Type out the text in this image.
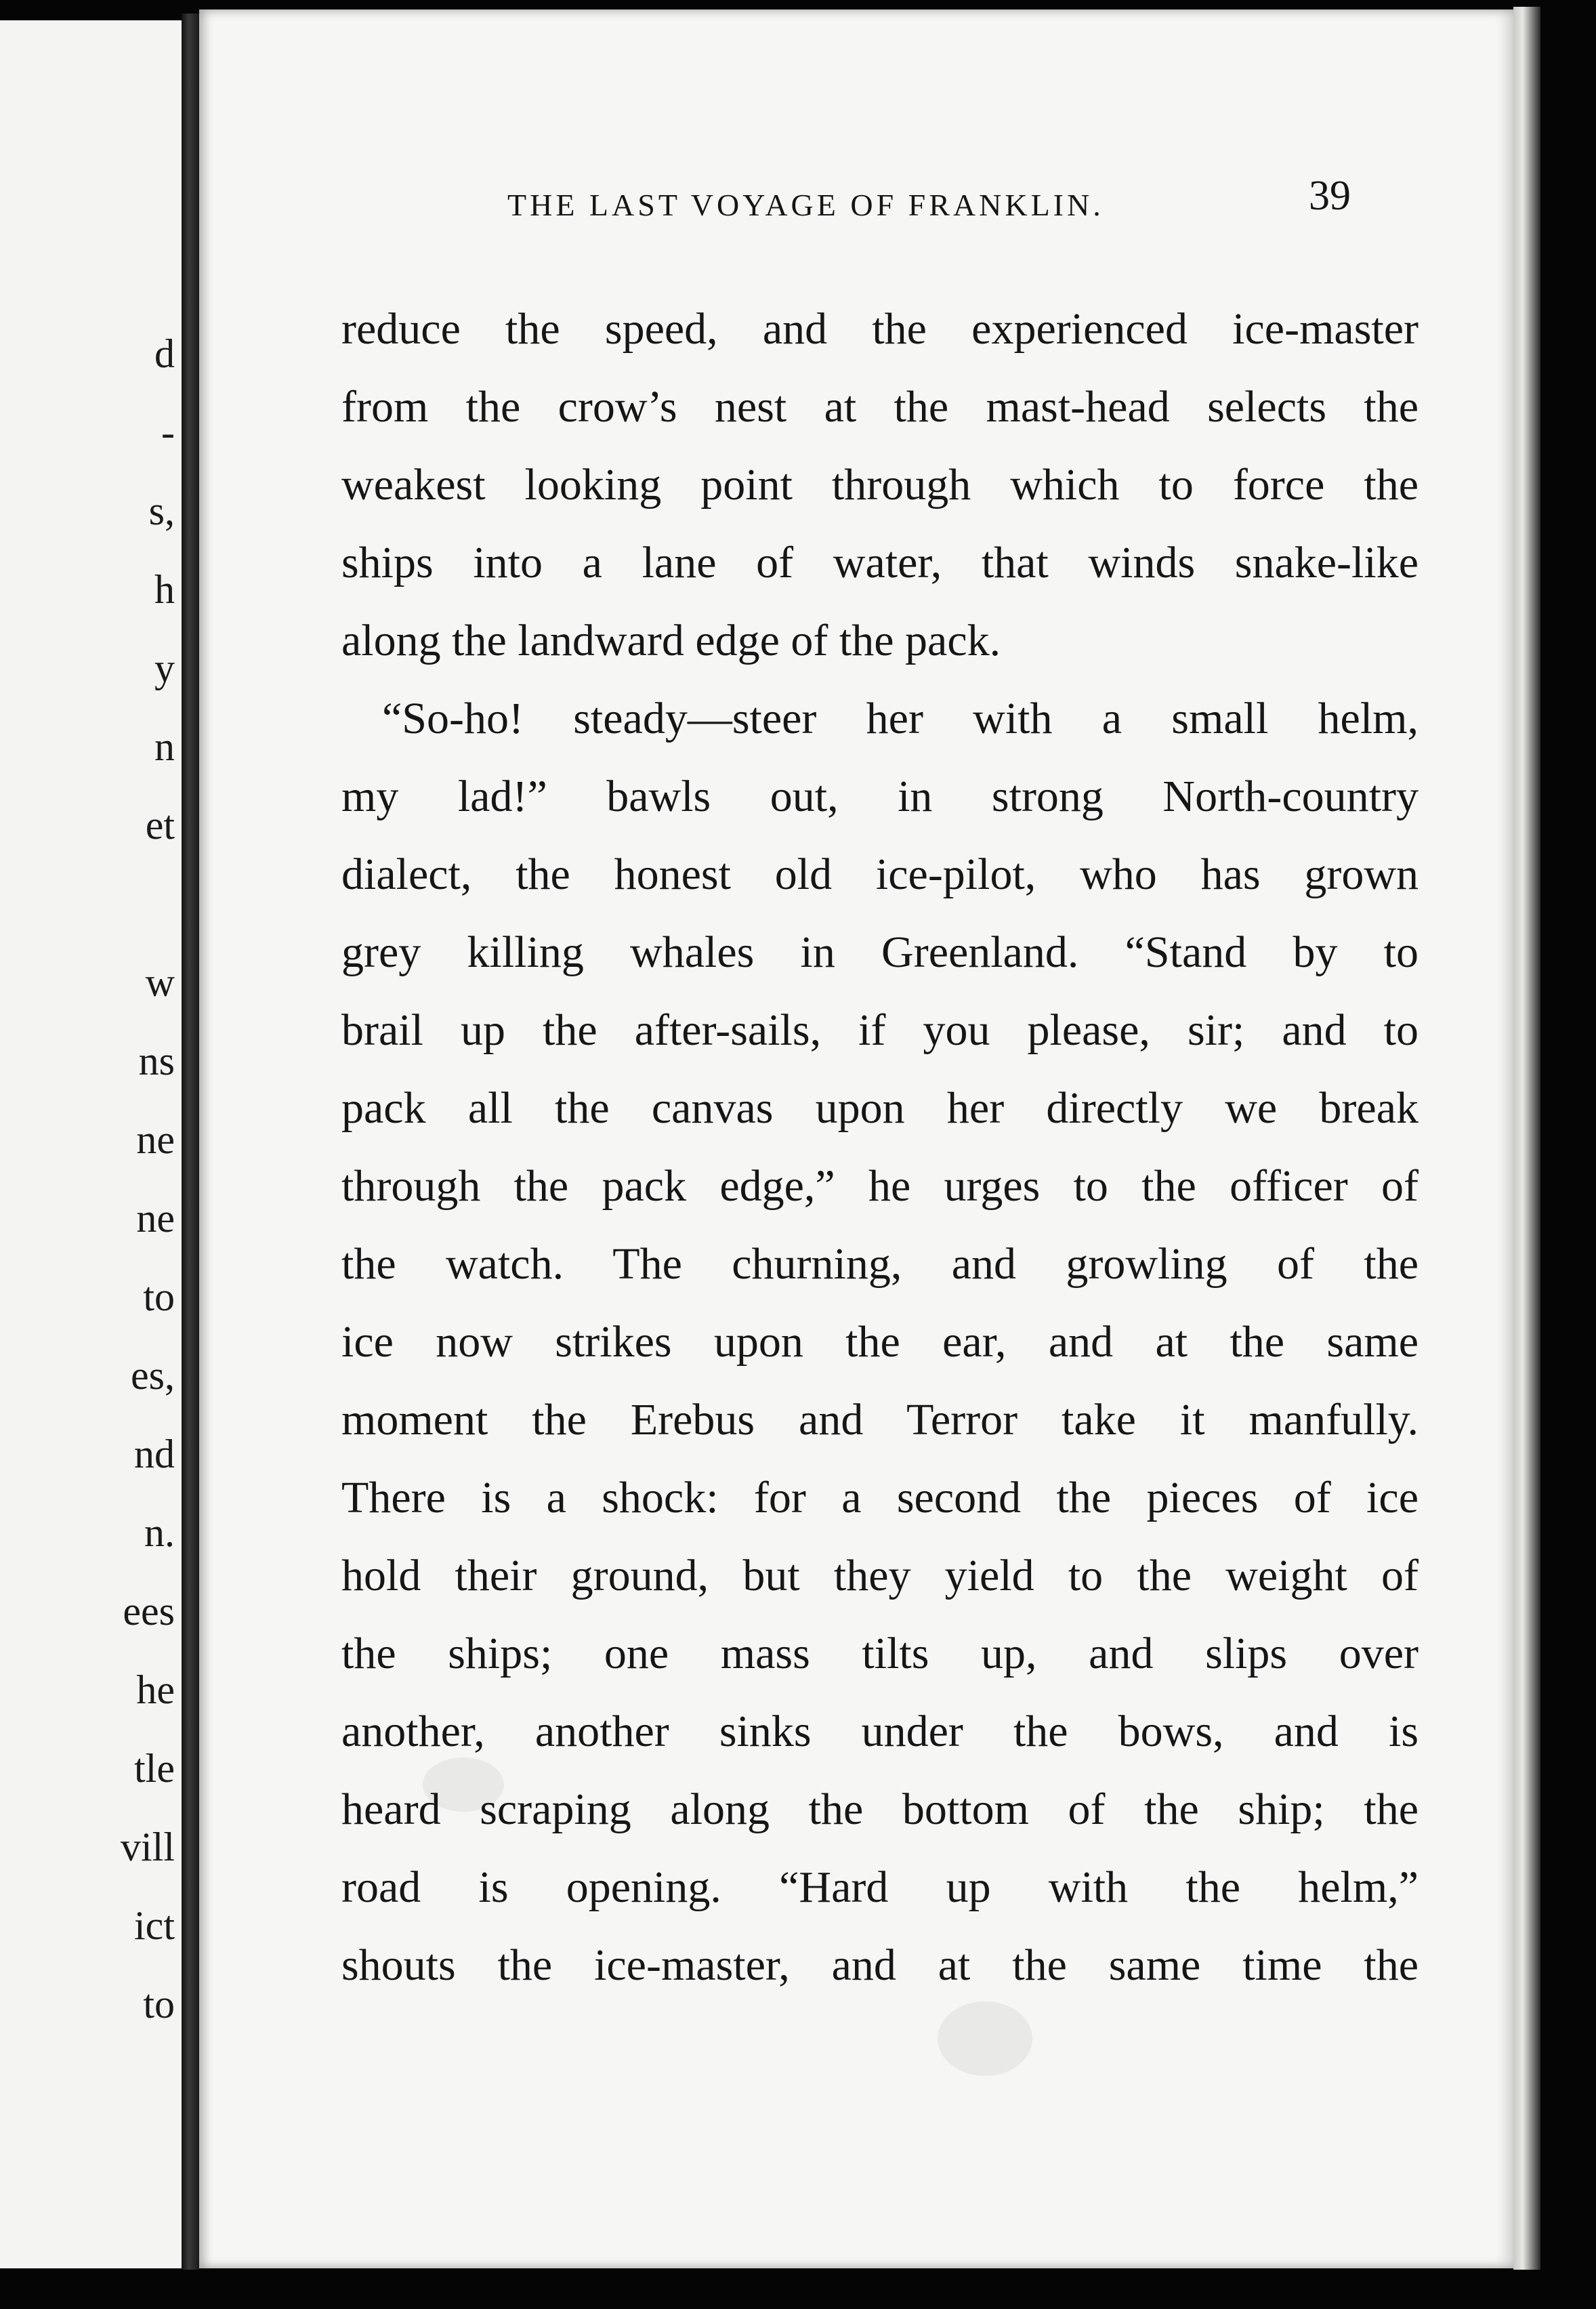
d
-
s,
h
y
n
et
w
ns
ne
ne
to
es,
nd
n.
ees
he
tle
vill
ict
to
THE LAST VOYAGE OF FRANKLIN.	39
reduce the speed, and the experienced ice-master
from the crow’s nest at the mast-head selects the
weakest looking point through which to force the
ships into a lane of water, that winds snake-like
along the landward edge of the pack.
“So-ho! steady—steer her with a small helm,
my lad!” bawls out, in strong North-country
dialect, the honest old ice-pilot, who has grown
grey killing whales in Greenland. “Stand by to
brail up the after-sails, if you please, sir; and to
pack all the canvas upon her directly we break
through the pack edge,” he urges to the officer of
the watch. The churning, and growling of the
ice now strikes upon the ear, and at the same
moment the Erebus and Terror take it manfully.
There is a shock: for a second the pieces of ice
hold their ground, but they yield to the weight of
the ships; one mass tilts up, and slips over
another, another sinks under the bows, and is
heard scraping along the bottom of the ship; the
road is opening. “Hard up with the helm,”
shouts the ice-master, and at the same time the
